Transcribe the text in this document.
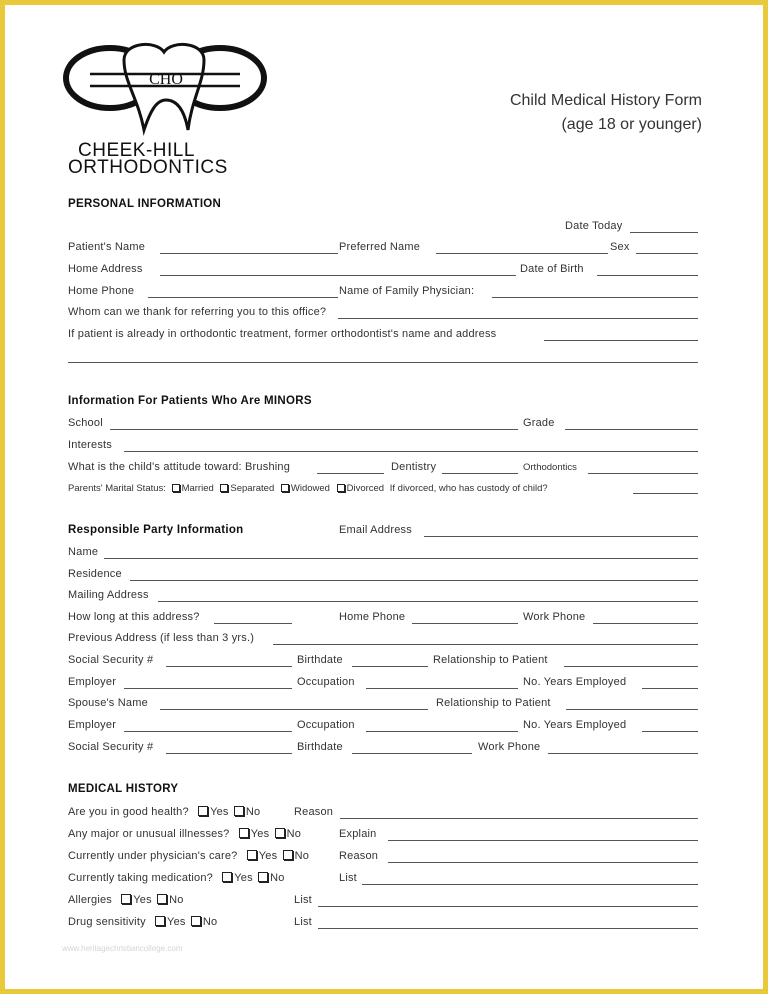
CHO
CHEEK-HILL
ORTHODONTICS
Child Medical History Form
(age 18 or younger)
PERSONAL INFORMATION
Date Today
Patient's Name	Preferred Name	Sex
Home Address	Date of Birth
Home Phone	Name of Family Physician:
Whom can we thank for referring you to this office?
If patient is already in orthodontic treatment, former orthodontist's name and address
Information For Patients Who Are MINORS
School	Grade
Interests
What is the child's attitude toward: Brushing	Dentistry	Orthodontics
Parents' Marital Status: Married Separated Widowed Divorced If divorced, who has custody of child?
Responsible Party Information	Email Address
Name
Residence
Mailing Address
How long at this address?	Home Phone	Work Phone
Previous Address (if less than 3 yrs.)
Social Security #	Birthdate	Relationship to Patient
Employer	Occupation	No. Years Employed
Spouse's Name	Relationship to Patient
Employer	Occupation	No. Years Employed
Social Security #	Birthdate	Work Phone
MEDICAL HISTORY
Are you in good health? Yes No	Reason
Any major or unusual illnesses? Yes No	Explain
Currently under physician's care? Yes No	Reason
Currently taking medication? Yes No	List
Allergies Yes No	List
Drug sensitivity Yes No	List
www.heritagechristiancollege.com
